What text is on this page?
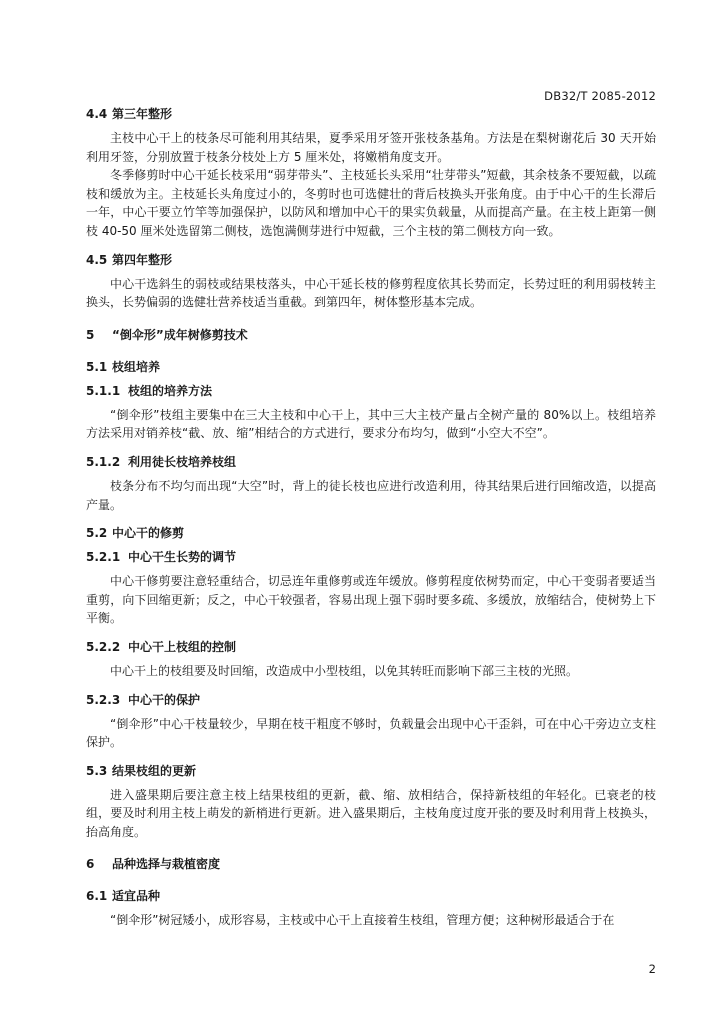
DB32/T 2085-2012
4.4 第三年整形

主枝中心干上的枝条尽可能利用其结果，夏季采用牙签开张枝条基角。方法是在梨树谢花后 30 天开始利用牙签，分别放置于枝条分枝处上方 5 厘米处，将嫩梢角度支开。

冬季修剪时中心干延长枝采用“弱芽带头”、主枝延长头采用“壮芽带头”短截，其余枝条不要短截，以疏枝和缓放为主。主枝延长头角度过小的，冬剪时也可选健壮的背后枝换头开张角度。由于中心干的生长滞后一年，中心干要立竹竿等加强保护，以防风和增加中心干的果实负载量，从而提高产量。在主枝上距第一侧枝 40-50 厘米处选留第二侧枝，选饱满侧芽进行中短截，三个主枝的第二侧枝方向一致。

4.5 第四年整形

中心干选斜生的弱枝或结果枝落头，中心干延长枝的修剪程度依其长势而定，长势过旺的利用弱枝转主换头，长势偏弱的选健壮营养枝适当重截。到第四年，树体整形基本完成。

5 “倒伞形”成年树修剪技术
5.1 枝组培养
5.1.1 枝组的培养方法

“倒伞形”枝组主要集中在三大主枝和中心干上，其中三大主枝产量占全树产量的 80%以上。枝组培养方法采用对销养枝“截、放、缩”相结合的方式进行，要求分布均匀，做到“小空大不空”。

5.1.2 利用徒长枝培养枝组

枝条分布不均匀而出现“大空”时，背上的徒长枝也应进行改造利用，待其结果后进行回缩改造，以提高产量。

5.2 中心干的修剪
5.2.1 中心干生长势的调节

中心干修剪要注意轻重结合，切忌连年重修剪或连年缓放。修剪程度依树势而定，中心干变弱者要适当重剪，向下回缩更新；反之，中心干较强者，容易出现上强下弱时要多疏、多缓放，放缩结合，使树势上下平衡。

5.2.2 中心干上枝组的控制

中心干上的枝组要及时回缩，改造成中小型枝组，以免其转旺而影响下部三主枝的光照。

5.2.3 中心干的保护

“倒伞形”中心干枝量较少，早期在枝干粗度不够时，负载量会出现中心干歪斜，可在中心干旁边立支柱保护。

5.3 结果枝组的更新

进入盛果期后要注意主枝上结果枝组的更新，截、缩、放相结合，保持新枝组的年轻化。已衰老的枝组，要及时利用主枝上萌发的新梢进行更新。进入盛果期后，主枝角度过度开张的要及时利用背上枝换头，抬高角度。

6 品种选择与栽植密度
6.1 适宜品种

“倒伞形”树冠矮小，成形容易，主枝或中心干上直接着生枝组，管理方便；这种树形最适合于在

2
